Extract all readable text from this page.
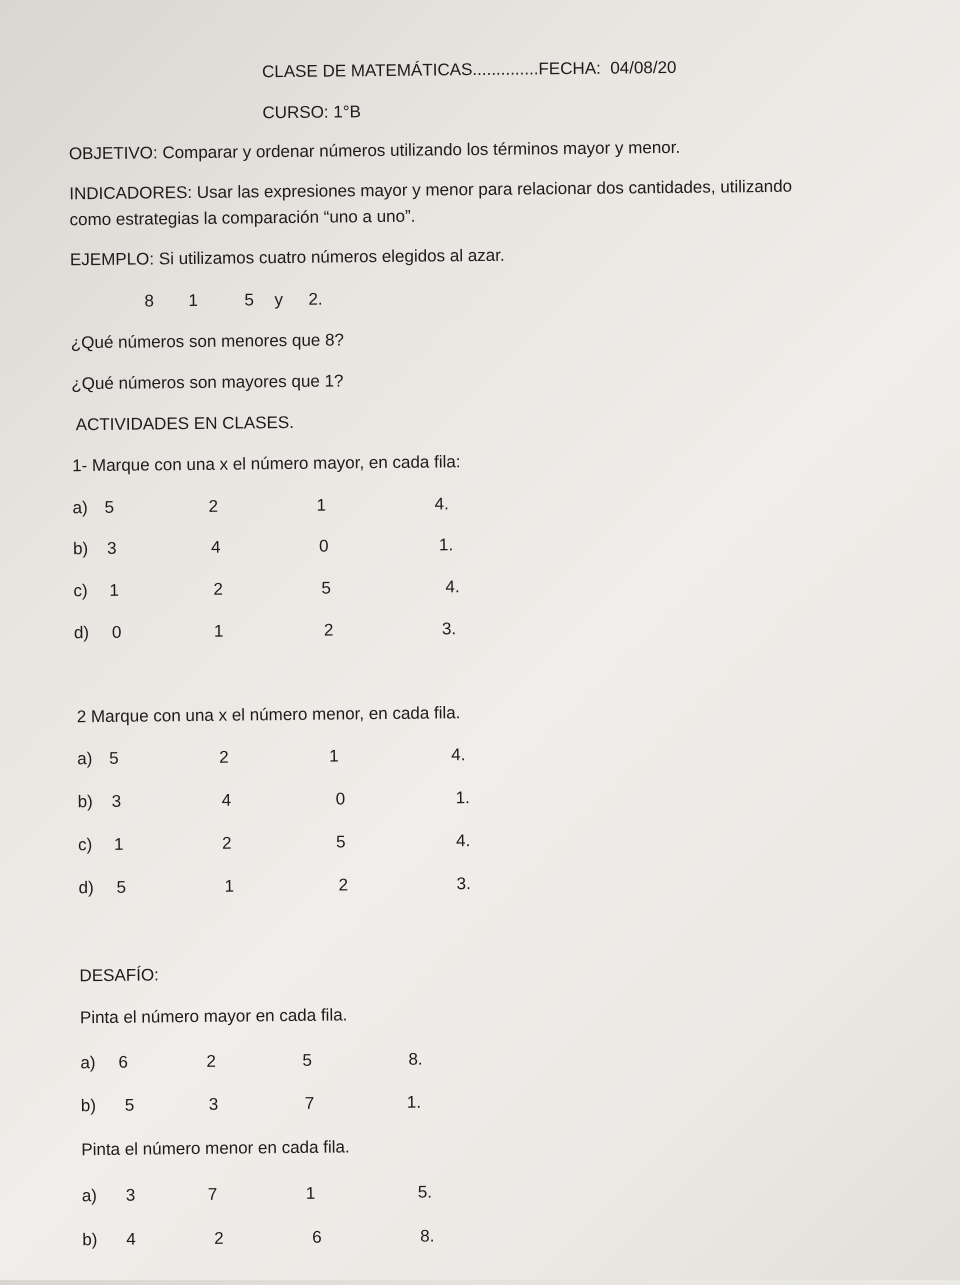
CLASE DE MATEMÁTICAS..............FECHA: 04/08/20
CURSO: 1°B
OBJETIVO: Comparar y ordenar números utilizando los términos mayor y menor.
INDICADORES: Usar las expresiones mayor y menor para relacionar dos cantidades, utilizando
como estrategias la comparación “uno a uno”.
EJEMPLO: Si utilizamos cuatro números elegidos al azar.
8 1	5 y 2.
¿Qué números son menores que 8?
¿Qué números son mayores que 1?
ACTIVIDADES EN CLASES.
1- Marque con una x el número mayor, en cada fila:
a) 5	2	1	4.
b) 3	4	0	1.
c) 1	2	5	4.
d) 0	1	2	3.
2 Marque con una x el número menor, en cada fila.
a) 5	2	1	4.
b) 3	4	0	1.
c) 1	2	5	4.
d) 5	1	2	3.
DESAFÍO:
Pinta el número mayor en cada fila.
a) 6	2	5	8.
b) 5	3	7	1.
Pinta el número menor en cada fila.
a) 3	7	1	5.
b) 4	2	6	8.
